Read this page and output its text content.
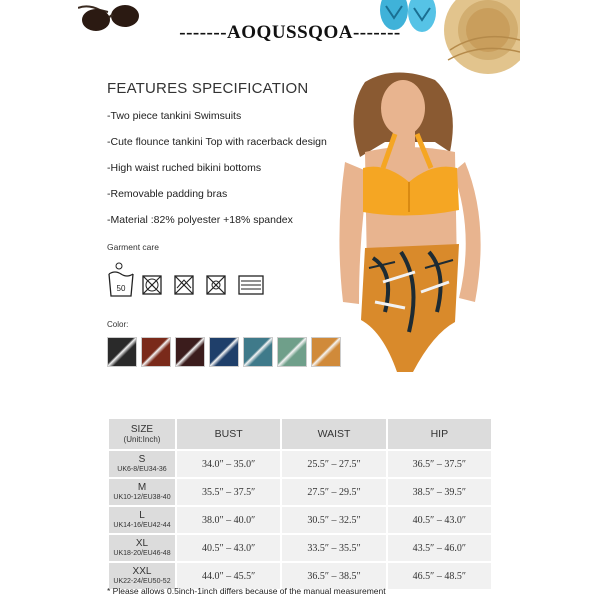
-------AOQUSSQOA-------
FEATURES SPECIFICATION
-Two piece tankini Swimsuits
-Cute flounce tankini Top with racerback design
-High waist ruched bikini bottoms
-Removable padding bras
-Material :82% polyester +18% spandex
Garment care
50
Color:
SIZE
(Unit:Inch)	BUST	WAIST	HIP

S
UK6-8/EU34-36	34.0″ – 35.0″	25.5″ – 27.5″	36.5″ – 37.5″

M
UK10-12/EU38-40	35.5″ – 37.5″	27.5″ – 29.5″	38.5″ – 39.5″

L
UK14-16/EU42-44	38.0″ – 40.0″	30.5″ – 32.5″	40.5″ – 43.0″

XL
UK18-20/EU46-48	40.5″ – 43.0″	33.5″ – 35.5″	43.5″ – 46.0″

XXL
UK22-24/EU50-52	44.0″ – 45.5″	36.5″ – 38.5″	46.5″ – 48.5″
* Please allows 0.5inch-1inch differs because of the manual measurement
